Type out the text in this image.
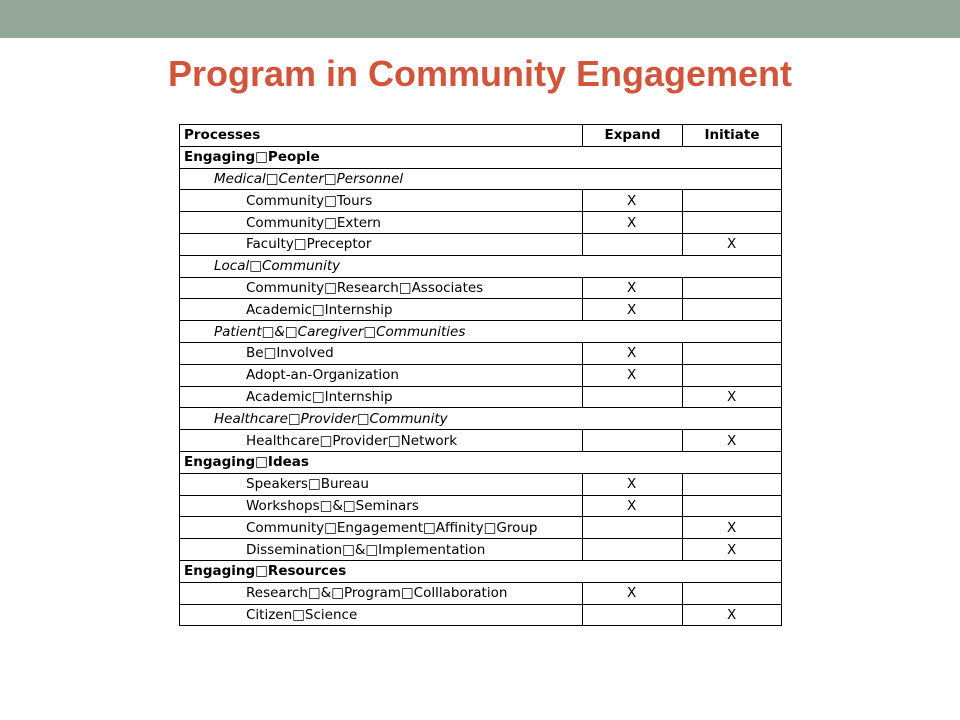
Program in Community Engagement
Processes	Expand	Initiate
Engaging□People		
Medical□Center□Personnel		
Community□Tours	X	
Community□Extern	X	
Faculty□Preceptor		X
Local□Community		
Community□Research□Associates	X	
Academic□Internship	X	
Patient□&□Caregiver□Communities		
Be□Involved	X	
Adopt-an-Organization	X	
Academic□Internship		X
Healthcare□Provider□Community		
Healthcare□Provider□Network		X
Engaging□Ideas		
Speakers□Bureau	X	
Workshops□&□Seminars	X	
Community□Engagement□Affinity□Group		X
Dissemination□&□Implementation		X
Engaging□Resources		
Research□&□Program□Colllaboration	X	
Citizen□Science		X
